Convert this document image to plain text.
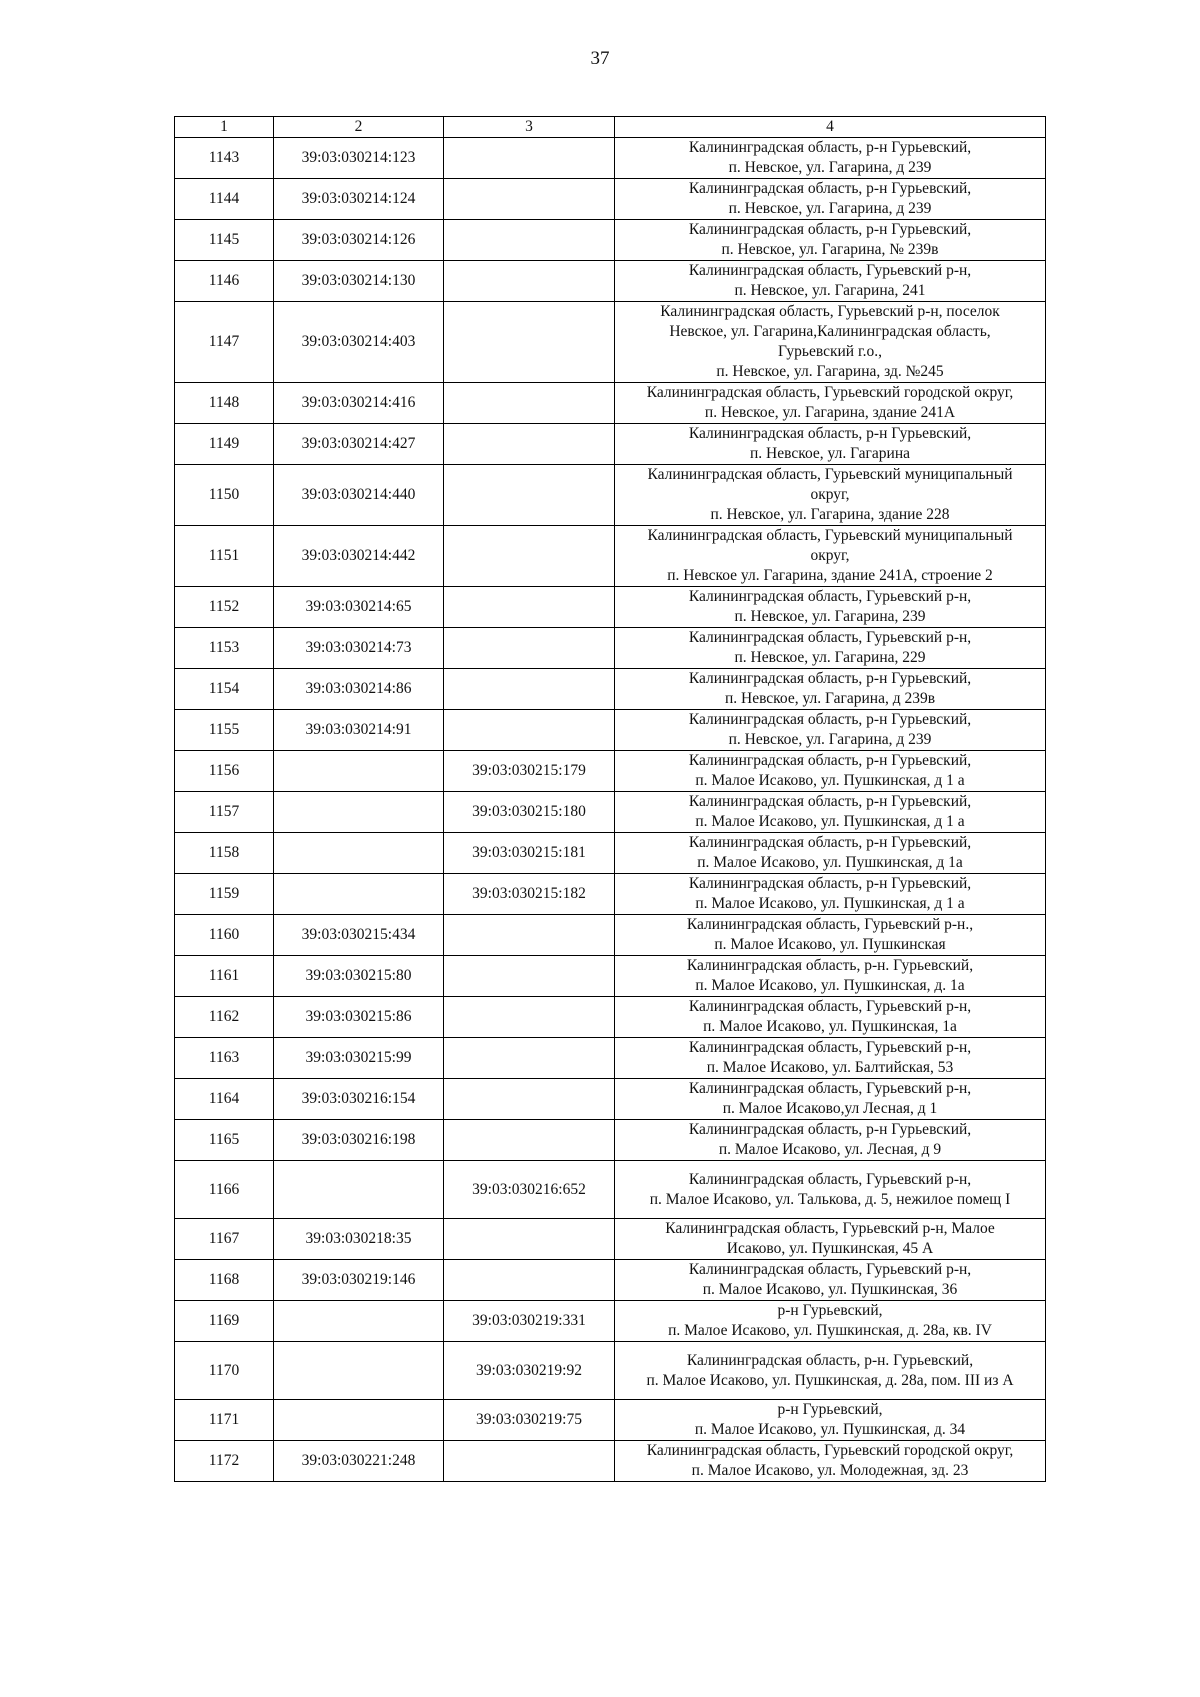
37
1	2	3	4
1143	39:03:030214:123		Калининградская область, р-н Гурьевский,
п. Невское, ул. Гагарина, д 239
1144	39:03:030214:124		Калининградская область, р-н Гурьевский,
п. Невское, ул. Гагарина, д 239
1145	39:03:030214:126		Калининградская область, р-н Гурьевский,
п. Невское, ул. Гагарина, № 239в
1146	39:03:030214:130		Калининградская область, Гурьевский р-н,
п. Невское, ул. Гагарина, 241
1147	39:03:030214:403		Калининградская область, Гурьевский р-н, поселок
Невское, ул. Гагарина,Калининградская область,
Гурьевский г.о.,
п. Невское, ул. Гагарина, зд. №245
1148	39:03:030214:416		Калининградская область, Гурьевский городской округ,
п. Невское, ул. Гагарина, здание 241А
1149	39:03:030214:427		Калининградская область, р-н Гурьевский,
п. Невское, ул. Гагарина
1150	39:03:030214:440		Калининградская область, Гурьевский муниципальный
округ,
п. Невское, ул. Гагарина, здание 228
1151	39:03:030214:442		Калининградская область, Гурьевский муниципальный
округ,
п. Невское ул. Гагарина, здание 241А, строение 2
1152	39:03:030214:65		Калининградская область, Гурьевский р-н,
п. Невское, ул. Гагарина, 239
1153	39:03:030214:73		Калининградская область, Гурьевский р-н,
п. Невское, ул. Гагарина, 229
1154	39:03:030214:86		Калининградская область, р-н Гурьевский,
п. Невское, ул. Гагарина, д 239в
1155	39:03:030214:91		Калининградская область, р-н Гурьевский,
п. Невское, ул. Гагарина, д 239
1156		39:03:030215:179	Калининградская область, р-н Гурьевский,
п. Малое Исаково, ул. Пушкинская, д 1 а
1157		39:03:030215:180	Калининградская область, р-н Гурьевский,
п. Малое Исаково, ул. Пушкинская, д 1 а
1158		39:03:030215:181	Калининградская область, р-н Гурьевский,
п. Малое Исаково, ул. Пушкинская, д 1а
1159		39:03:030215:182	Калининградская область, р-н Гурьевский,
п. Малое Исаково, ул. Пушкинская, д 1 а
1160	39:03:030215:434		Калининградская область, Гурьевский р-н.,
п. Малое Исаково, ул. Пушкинская
1161	39:03:030215:80		Калининградская область, р-н. Гурьевский,
п. Малое Исаково, ул. Пушкинская, д. 1а
1162	39:03:030215:86		Калининградская область, Гурьевский р-н,
п. Малое Исаково, ул. Пушкинская, 1а
1163	39:03:030215:99		Калининградская область, Гурьевский р-н,
п. Малое Исаково, ул. Балтийская, 53
1164	39:03:030216:154		Калининградская область, Гурьевский р-н,
п. Малое Исаково,ул Лесная, д 1
1165	39:03:030216:198		Калининградская область, р-н Гурьевский,
п. Малое Исаково, ул. Лесная, д 9
1166		39:03:030216:652	Калининградская область, Гурьевский р-н,
п. Малое Исаково, ул. Талькова, д. 5, нежилое помещ I
1167	39:03:030218:35		Калининградская область, Гурьевский р-н, Малое
Исаково, ул. Пушкинская, 45 А
1168	39:03:030219:146		Калининградская область, Гурьевский р-н,
п. Малое Исаково, ул. Пушкинская, 36
1169		39:03:030219:331	р-н Гурьевский,
п. Малое Исаково, ул. Пушкинская, д. 28а, кв. IV
1170		39:03:030219:92	Калининградская область, р-н. Гурьевский,
п. Малое Исаково, ул. Пушкинская, д. 28а, пом. III из А
1171		39:03:030219:75	р-н Гурьевский,
п. Малое Исаково, ул. Пушкинская, д. 34
1172	39:03:030221:248		Калининградская область, Гурьевский городской округ,
п. Малое Исаково, ул. Молодежная, зд. 23
